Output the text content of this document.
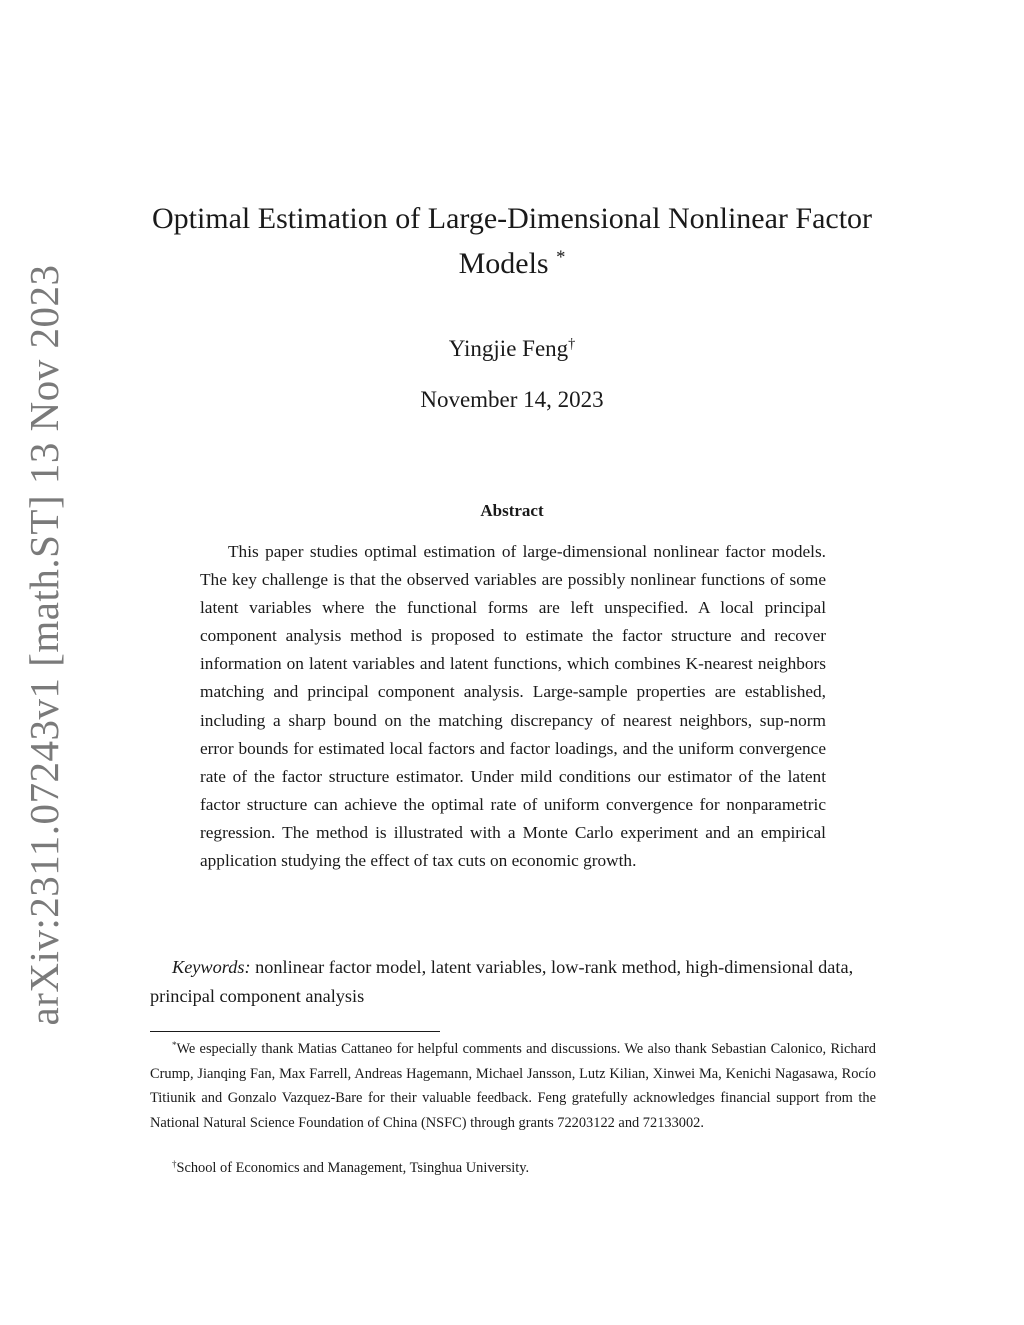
arXiv:2311.07243v1 [math.ST] 13 Nov 2023
Optimal Estimation of Large-Dimensional Nonlinear Factor Models *
Yingjie Feng†
November 14, 2023
Abstract

This paper studies optimal estimation of large-dimensional nonlinear factor models. The key challenge is that the observed variables are possibly nonlinear functions of some latent variables where the functional forms are left unspecified. A local principal component analysis method is proposed to estimate the factor structure and recover information on latent variables and latent functions, which combines K-nearest neighbors matching and principal component analysis. Large-sample properties are established, including a sharp bound on the matching discrepancy of nearest neighbors, sup-norm error bounds for estimated local factors and factor loadings, and the uniform convergence rate of the factor structure estimator. Under mild conditions our estimator of the latent factor structure can achieve the optimal rate of uniform convergence for nonparametric regression. The method is illustrated with a Monte Carlo experiment and an empirical application studying the effect of tax cuts on economic growth.

Keywords: nonlinear factor model, latent variables, low-rank method, high-dimensional data, principal component analysis

*We especially thank Matias Cattaneo for helpful comments and discussions. We also thank Sebastian Calonico, Richard Crump, Jianqing Fan, Max Farrell, Andreas Hagemann, Michael Jansson, Lutz Kilian, Xinwei Ma, Kenichi Nagasawa, Rocío Titiunik and Gonzalo Vazquez-Bare for their valuable feedback. Feng gratefully acknowledges financial support from the National Natural Science Foundation of China (NSFC) through grants 72203122 and 72133002.

†School of Economics and Management, Tsinghua University.
